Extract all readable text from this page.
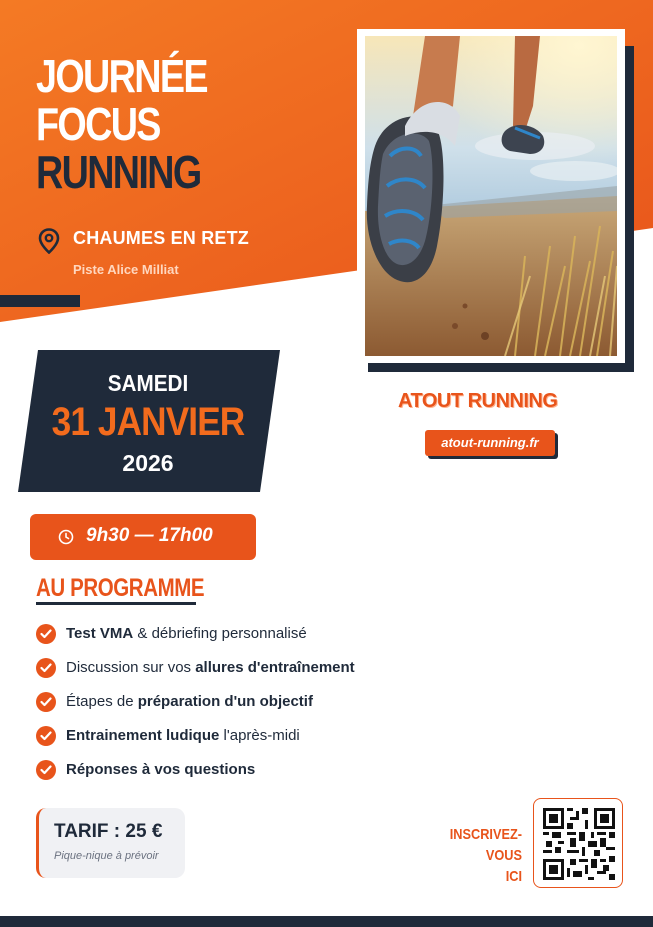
JOURNÉE
FOCUS
RUNNING
CHAUMES EN RETZ
Piste Alice Milliat
SAMEDI
31 JANVIER
2026
ATOUT RUNNING
atout-running.fr
9h30 — 17h00
AU PROGRAMME
Test VMA & débriefing personnalisé
Discussion sur vos allures d'entraînement
Étapes de préparation d'un objectif
Entrainement ludique l'après-midi
Réponses à vos questions
TARIF : 25 €
Pique-nique à prévoir
INSCRIVEZ-VOUS
ICI
